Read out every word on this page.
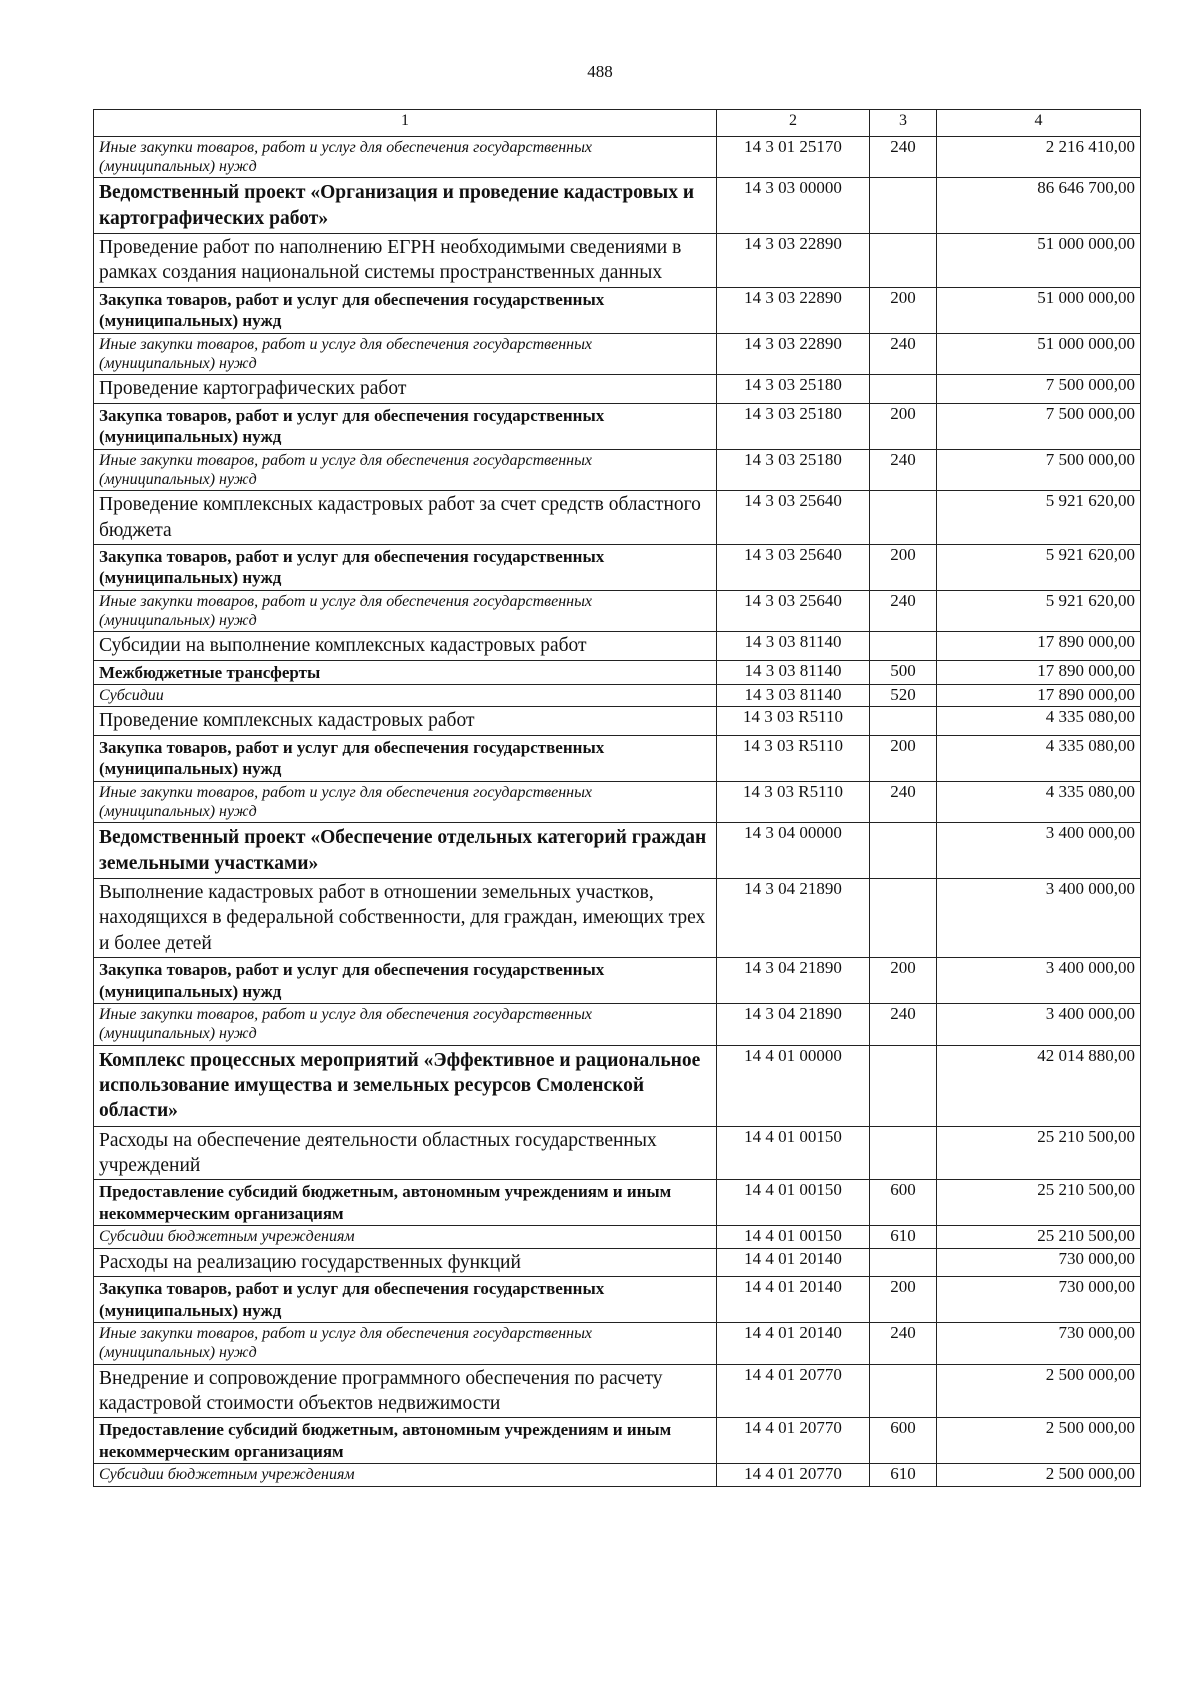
488
1	2	3	4
Иные закупки товаров, работ и услуг для обеспечения государственных (муниципальных) нужд	14 3 01 25170	240	2 216 410,00
Ведомственный проект «Организация и проведение кадастровых и картографических работ»	14 3 03 00000		86 646 700,00
Проведение работ по наполнению ЕГРН необходимыми сведениями в рамках создания национальной системы пространственных данных	14 3 03 22890		51 000 000,00
Закупка товаров, работ и услуг для обеспечения государственных (муниципальных) нужд	14 3 03 22890	200	51 000 000,00
Иные закупки товаров, работ и услуг для обеспечения государственных (муниципальных) нужд	14 3 03 22890	240	51 000 000,00
Проведение картографических работ	14 3 03 25180		7 500 000,00
Закупка товаров, работ и услуг для обеспечения государственных (муниципальных) нужд	14 3 03 25180	200	7 500 000,00
Иные закупки товаров, работ и услуг для обеспечения государственных (муниципальных) нужд	14 3 03 25180	240	7 500 000,00
Проведение комплексных кадастровых работ за счет средств областного бюджета	14 3 03 25640		5 921 620,00
Закупка товаров, работ и услуг для обеспечения государственных (муниципальных) нужд	14 3 03 25640	200	5 921 620,00
Иные закупки товаров, работ и услуг для обеспечения государственных (муниципальных) нужд	14 3 03 25640	240	5 921 620,00
Субсидии на выполнение комплексных кадастровых работ	14 3 03 81140		17 890 000,00
Межбюджетные трансферты	14 3 03 81140	500	17 890 000,00
Субсидии	14 3 03 81140	520	17 890 000,00
Проведение комплексных кадастровых работ	14 3 03 R5110		4 335 080,00
Закупка товаров, работ и услуг для обеспечения государственных (муниципальных) нужд	14 3 03 R5110	200	4 335 080,00
Иные закупки товаров, работ и услуг для обеспечения государственных (муниципальных) нужд	14 3 03 R5110	240	4 335 080,00
Ведомственный проект «Обеспечение отдельных категорий граждан земельными участками»	14 3 04 00000		3 400 000,00
Выполнение кадастровых работ в отношении земельных участков, находящихся в федеральной собственности, для граждан, имеющих трех и более детей	14 3 04 21890		3 400 000,00
Закупка товаров, работ и услуг для обеспечения государственных (муниципальных) нужд	14 3 04 21890	200	3 400 000,00
Иные закупки товаров, работ и услуг для обеспечения государственных (муниципальных) нужд	14 3 04 21890	240	3 400 000,00
Комплекс процессных мероприятий «Эффективное и рациональное использование имущества и земельных ресурсов Смоленской области»	14 4 01 00000		42 014 880,00
Расходы на обеспечение деятельности областных государственных учреждений	14 4 01 00150		25 210 500,00
Предоставление субсидий бюджетным, автономным учреждениям и иным некоммерческим организациям	14 4 01 00150	600	25 210 500,00
Субсидии бюджетным учреждениям	14 4 01 00150	610	25 210 500,00
Расходы на реализацию государственных функций	14 4 01 20140		730 000,00
Закупка товаров, работ и услуг для обеспечения государственных (муниципальных) нужд	14 4 01 20140	200	730 000,00
Иные закупки товаров, работ и услуг для обеспечения государственных (муниципальных) нужд	14 4 01 20140	240	730 000,00
Внедрение и сопровождение программного обеспечения по расчету кадастровой стоимости объектов недвижимости	14 4 01 20770		2 500 000,00
Предоставление субсидий бюджетным, автономным учреждениям и иным некоммерческим организациям	14 4 01 20770	600	2 500 000,00
Субсидии бюджетным учреждениям	14 4 01 20770	610	2 500 000,00
